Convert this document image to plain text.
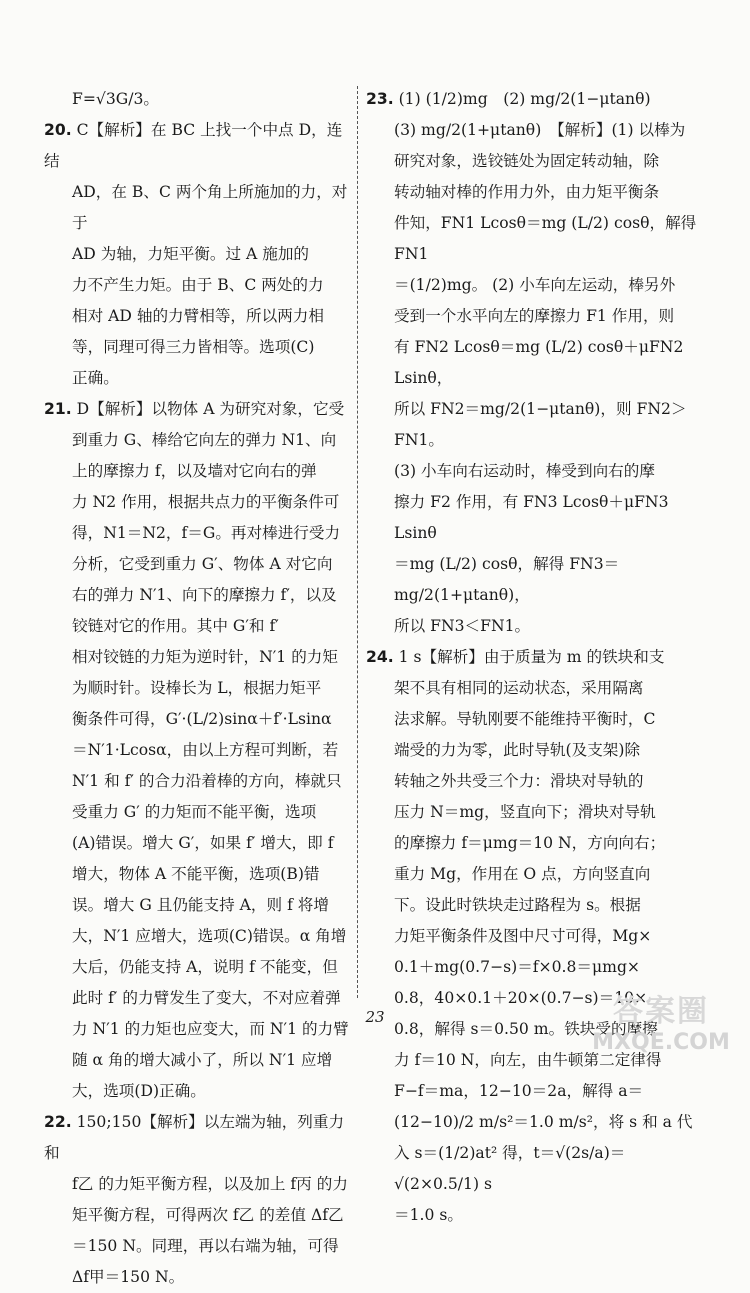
F=√3G/3。

20. C【解析】在 BC 上找一个中点 D，连结

AD，在 B、C 两个角上所施加的力，对于

AD 为轴，力矩平衡。过 A 施加的

力不产生力矩。由于 B、C 两处的力

相对 AD 轴的力臂相等，所以两力相

等，同理可得三力皆相等。选项(C)

正确。

21. D【解析】以物体 A 为研究对象，它受

到重力 G、棒给它向左的弹力 N1、向

上的摩擦力 f，以及墙对它向右的弹

力 N2 作用，根据共点力的平衡条件可

得，N1＝N2，f＝G。再对棒进行受力

分析，它受到重力 G′、物体 A 对它向

右的弹力 N′1、向下的摩擦力 f′，以及

铰链对它的作用。其中 G′和 f′

相对铰链的力矩为逆时针，N′1 的力矩

为顺时针。设棒长为 L，根据力矩平

衡条件可得，G′·(L/2)sinα＋f′·Lsinα

＝N′1·Lcosα，由以上方程可判断，若

N′1 和 f′ 的合力沿着棒的方向，棒就只

受重力 G′ 的力矩而不能平衡，选项

(A)错误。增大 G′，如果 f′ 增大，即 f

增大，物体 A 不能平衡，选项(B)错

误。增大 G 且仍能支持 A，则 f 将增

大，N′1 应增大，选项(C)错误。α 角增

大后，仍能支持 A，说明 f 不能变，但

此时 f′ 的力臂发生了变大，不对应着弹

力 N′1 的力矩也应变大，而 N′1 的力臂

随 α 角的增大减小了，所以 N′1 应增

大，选项(D)正确。

22. 150;150【解析】以左端为轴，列重力和

f乙 的力矩平衡方程，以及加上 f丙 的力

矩平衡方程，可得两次 f乙 的差值 Δf乙

＝150 N。同理，再以右端为轴，可得

Δf甲＝150 N。

23. (1) (1/2)mg　(2) mg/2(1−μtanθ)

(3) mg/2(1+μtanθ)　【解析】(1) 以棒为

研究对象，选铰链处为固定转动轴，除

转动轴对棒的作用力外，由力矩平衡条

件知，FN1 Lcosθ＝mg (L/2) cosθ，解得 FN1

＝(1/2)mg。 (2) 小车向左运动，棒另外

受到一个水平向左的摩擦力 F1 作用，则

有 FN2 Lcosθ＝mg (L/2) cosθ＋μFN2 Lsinθ，

所以 FN2＝mg/2(1−μtanθ)，则 FN2＞FN1。

(3) 小车向右运动时，棒受到向右的摩

擦力 F2 作用，有 FN3 Lcosθ＋μFN3 Lsinθ

＝mg (L/2) cosθ，解得 FN3＝mg/2(1+μtanθ)，

所以 FN3＜FN1。

24. 1 s【解析】由于质量为 m 的铁块和支

架不具有相同的运动状态，采用隔离

法求解。导轨刚要不能维持平衡时，C

端受的力为零，此时导轨(及支架)除

转轴之外共受三个力：滑块对导轨的

压力 N＝mg，竖直向下；滑块对导轨

的摩擦力 f＝μmg＝10 N，方向向右；

重力 Mg，作用在 O 点，方向竖直向

下。设此时铁块走过路程为 s。根据

力矩平衡条件及图中尺寸可得，Mg×

0.1＋mg(0.7−s)＝f×0.8＝μmg×

0.8，40×0.1＋20×(0.7−s)＝10×

0.8，解得 s＝0.50 m。铁块受的摩擦

力 f＝10 N，向左，由牛顿第二定律得

F−f＝ma，12−10＝2a，解得 a＝

(12−10)/2 m/s²＝1.0 m/s²，将 s 和 a 代

入 s＝(1/2)at² 得，t＝√(2s/a)＝√(2×0.5/1) s

＝1.0 s。

23	答案圈
MXQE.COM
